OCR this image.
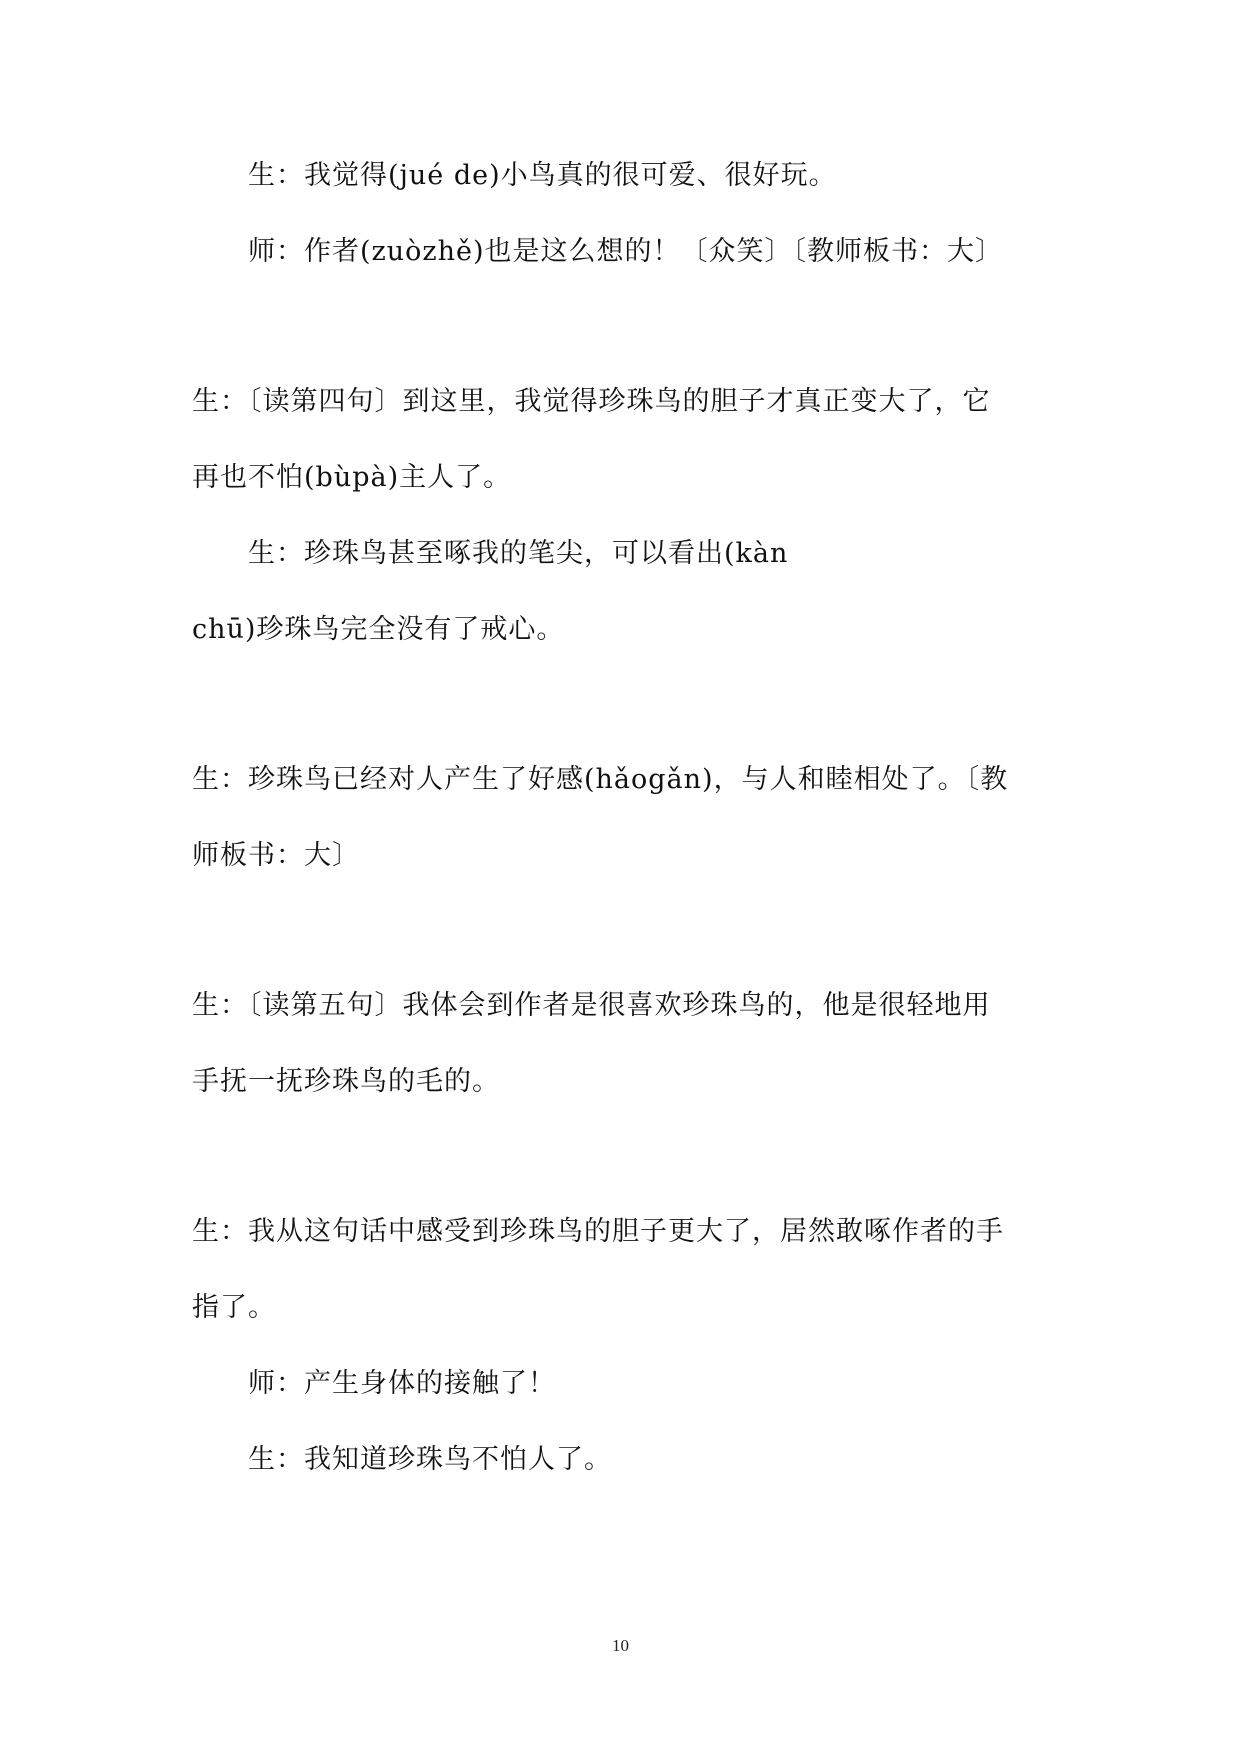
生：我觉得(jué de)小鸟真的很可爱、很好玩。
师：作者(zuòzhě)也是这么想的！〔众笑〕〔教师板书：大〕
生：〔读第四句〕到这里，我觉得珍珠鸟的胆子才真正变大了，它
再也不怕(bùpà)主人了。
生：珍珠鸟甚至啄我的笔尖，可以看出(kàn
chū)珍珠鸟完全没有了戒心。
生：珍珠鸟已经对人产生了好感(hǎogǎn)，与人和睦相处了。〔教
师板书：大〕
生：〔读第五句〕我体会到作者是很喜欢珍珠鸟的，他是很轻地用
手抚一抚珍珠鸟的毛的。
生：我从这句话中感受到珍珠鸟的胆子更大了，居然敢啄作者的手
指了。
师：产生身体的接触了！
生：我知道珍珠鸟不怕人了。
10
